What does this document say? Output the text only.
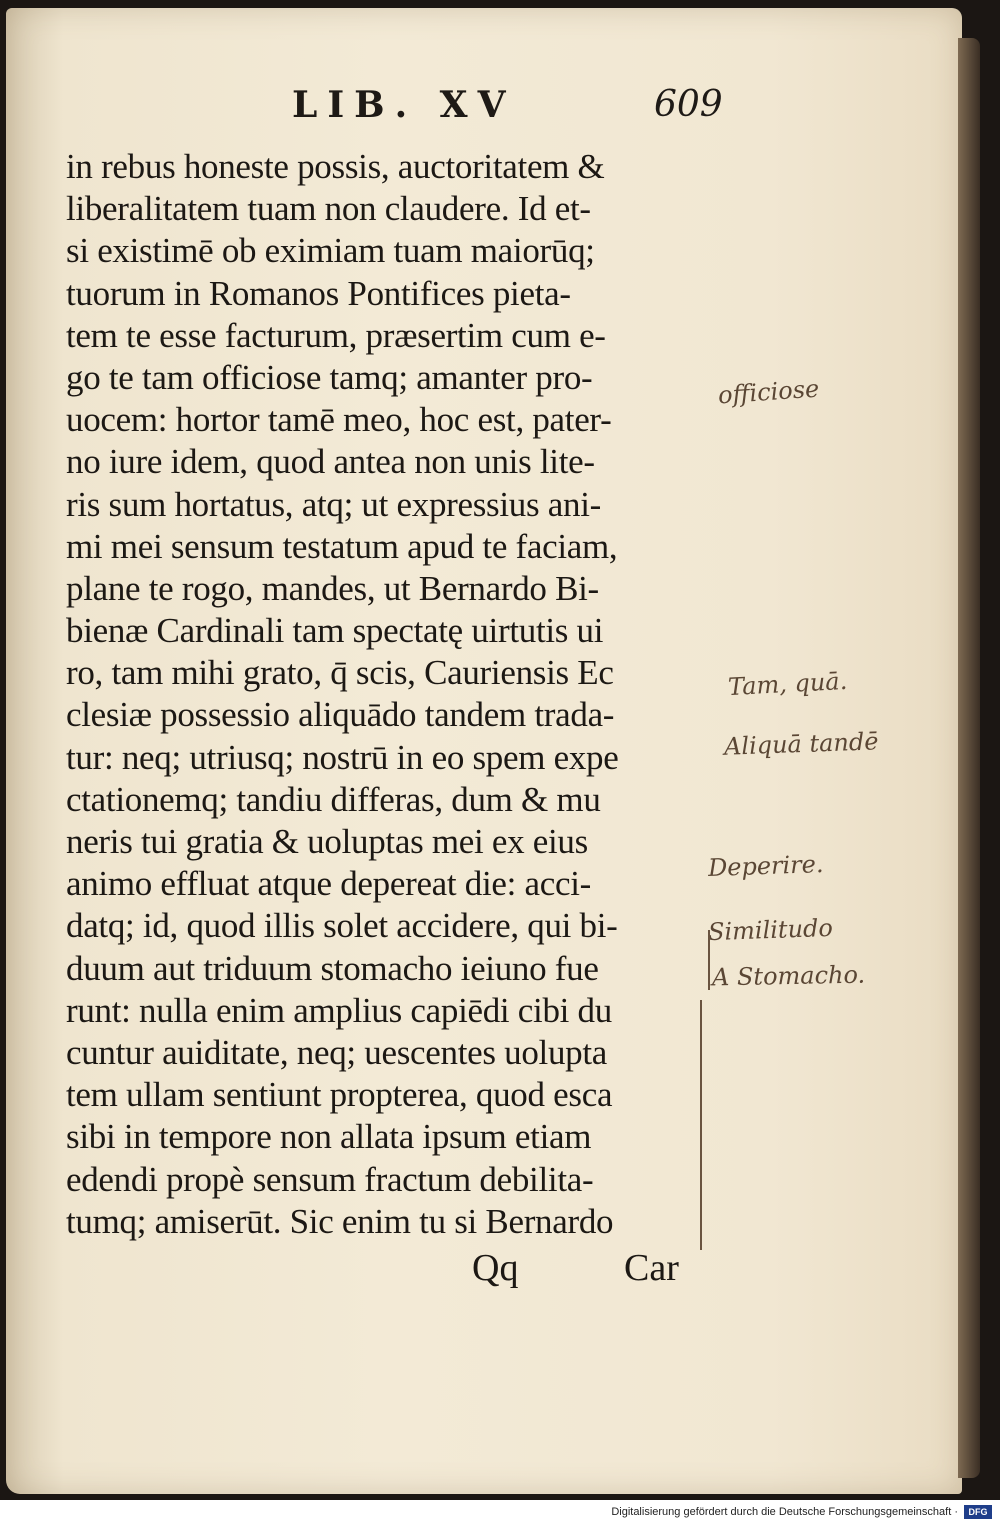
LIB. XV	609
in rebus honeste possis, auctoritatem &
liberalitatem tuam non claudere. Id et-
si existimē ob eximiam tuam maiorūq;
tuorum in Romanos Pontifices pieta-
tem te esse facturum, præsertim cum e-
go te tam officiose tamq; amanter pro-
uocem: hortor tamē meo, hoc est, pater-
no iure idem, quod antea non unis lite-
ris sum hortatus, atq; ut expressius ani-
mi mei sensum testatum apud te faciam,
plane te rogo, mandes, ut Bernardo Bi-
bienæ Cardinali tam spectatę uirtutis ui
ro, tam mihi grato, q̄ scis, Cauriensis Ec
clesiæ possessio aliquādo tandem trada-
tur: neq; utriusq; nostrū in eo spem expe
ctationemq; tandiu differas, dum & mu
neris tui gratia & uoluptas mei ex eius
animo effluat atque depereat die: acci-
datq; id, quod illis solet accidere, qui bi-
duum aut triduum stomacho ieiuno fue
runt: nulla enim amplius capiēdi cibi du
cuntur auiditate, neq; uescentes uolupta
tem ullam sentiunt propterea, quod esca
sibi in tempore non allata ipsum etiam
edendi propè sensum fractum debilita-
tumq; amiserūt. Sic enim tu si Bernardo
Qq	Car
officiose
Tam, quā.
Aliquā tandē
Deperire.
Similitudo
A Stomacho.
Digitalisierung gefördert durch die Deutsche Forschungsgemeinschaft ·	DFG
